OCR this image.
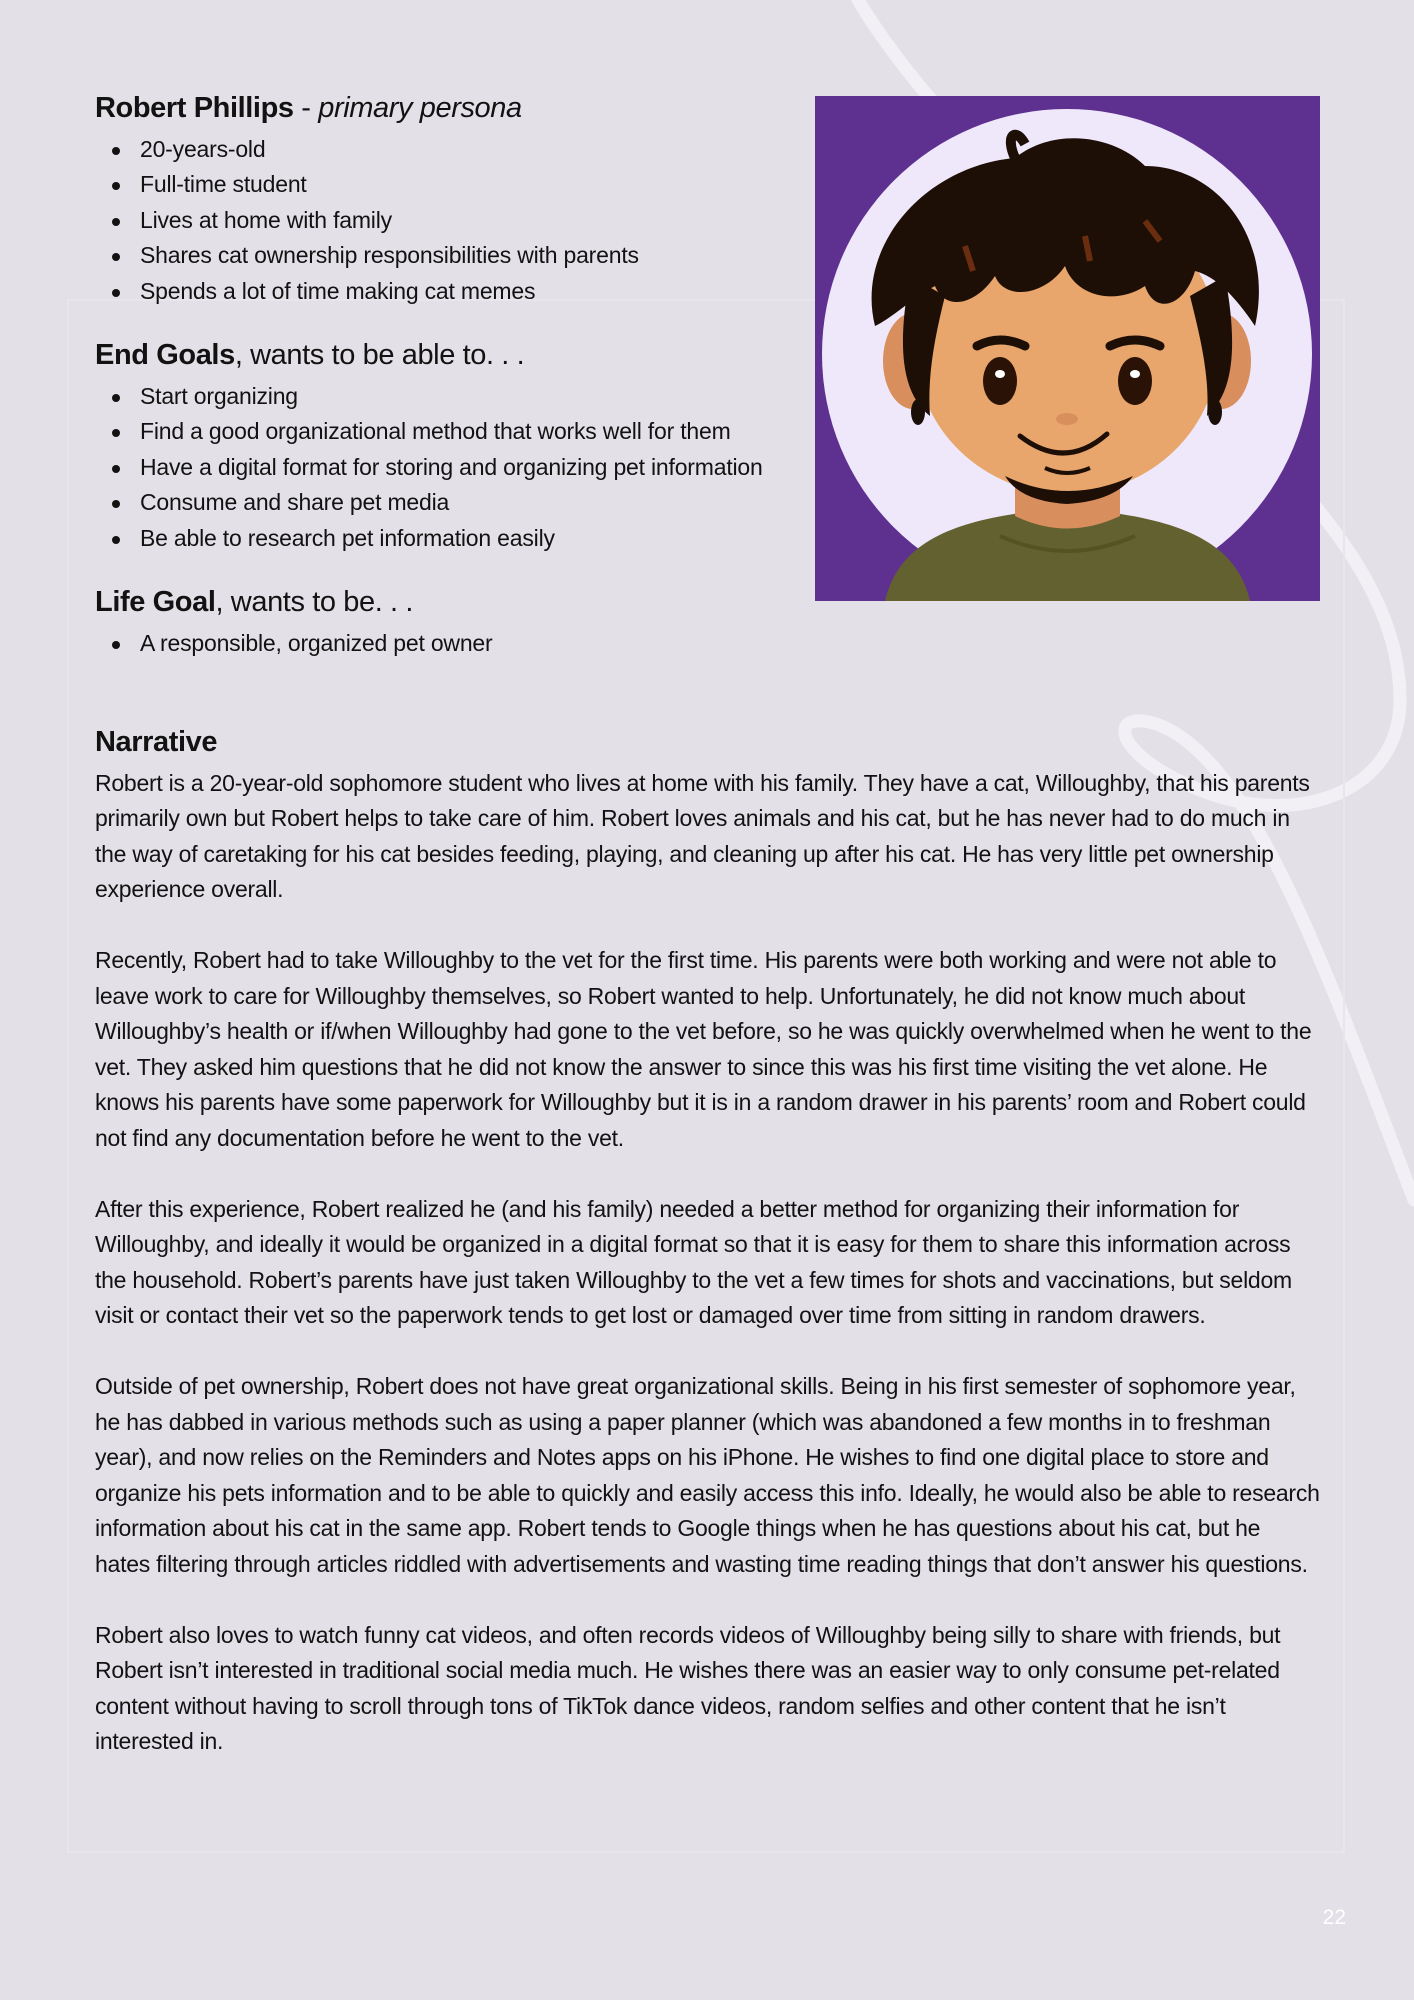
Robert Phillips - primary persona
20-years-old
Full-time student
Lives at home with family
Shares cat ownership responsibilities with parents
Spends a lot of time making cat memes
End Goals, wants to be able to. . .
Start organizing
Find a good organizational method that works well for them
Have a digital format for storing and organizing pet information
Consume and share pet media
Be able to research pet information easily
Life Goal, wants to be. . .
A responsible, organized pet owner
Narrative

Robert is a 20-year-old sophomore student who lives at home with his family. They have a cat, Willoughby, that his parents primarily own but Robert helps to take care of him. Robert loves animals and his cat, but he has never had to do much in the way of caretaking for his cat besides feeding, playing, and cleaning up after his cat. He has very little pet ownership experience overall.

Recently, Robert had to take Willoughby to the vet for the first time. His parents were both working and were not able to leave work to care for Willoughby themselves, so Robert wanted to help. Unfortunately, he did not know much about Willoughby’s health or if/when Willoughby had gone to the vet before, so he was quickly overwhelmed when he went to the vet. They asked him questions that he did not know the answer to since this was his first time visiting the vet alone. He knows his parents have some paperwork for Willoughby but it is in a random drawer in his parents’ room and Robert could not find any documentation before he went to the vet.

After this experience, Robert realized he (and his family) needed a better method for organizing their information for Willoughby, and ideally it would be organized in a digital format so that it is easy for them to share this information across the household. Robert’s parents have just taken Willoughby to the vet a few times for shots and vaccinations, but seldom visit or contact their vet so the paperwork tends to get lost or damaged over time from sitting in random drawers.

Outside of pet ownership, Robert does not have great organizational skills. Being in his first semester of sophomore year, he has dabbed in various methods such as using a paper planner (which was abandoned a few months in to freshman year), and now relies on the Reminders and Notes apps on his iPhone. He wishes to find one digital place to store and organize his pets information and to be able to quickly and easily access this info. Ideally, he would also be able to research information about his cat in the same app. Robert tends to Google things when he has questions about his cat, but he hates filtering through articles riddled with advertisements and wasting time reading things that don’t answer his questions.

Robert also loves to watch funny cat videos, and often records videos of Willoughby being silly to share with friends, but Robert isn’t interested in traditional social media much. He wishes there was an easier way to only consume pet-related content without having to scroll through tons of TikTok dance videos, random selfies and other content that he isn’t interested in.

22
